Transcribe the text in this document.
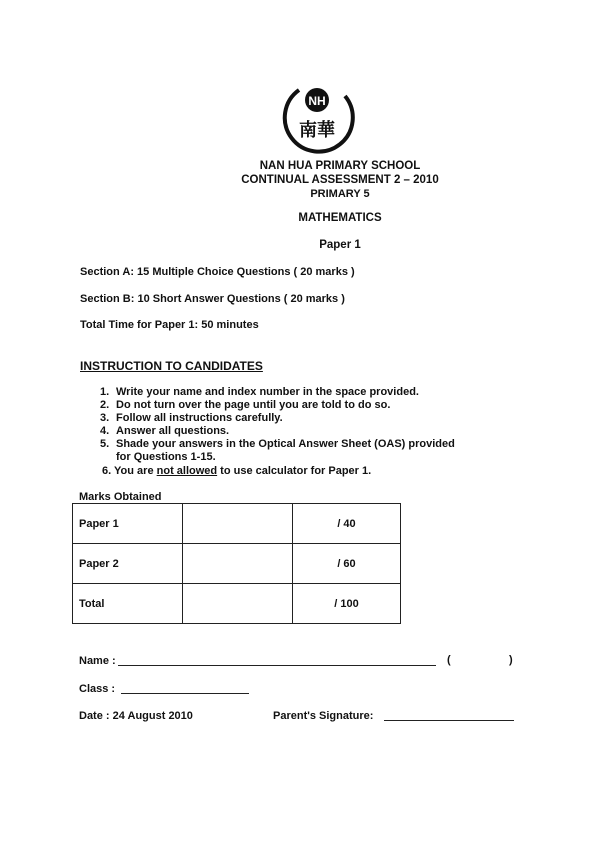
NH
南華
NAN HUA PRIMARY SCHOOL
CONTINUAL ASSESSMENT 2 – 2010
PRIMARY 5
MATHEMATICS
Paper 1
Section A: 15 Multiple Choice Questions ( 20 marks )
Section B: 10 Short Answer Questions ( 20 marks )
Total Time for Paper 1: 50 minutes
INSTRUCTION TO CANDIDATES
1. Write your name and index number in the space provided.
2. Do not turn over the page until you are told to do so.
3. Follow all instructions carefully.
4. Answer all questions.
5. Shade your answers in the Optical Answer Sheet (OAS) provided
for Questions 1-15.
6. You are not allowed to use calculator for Paper 1.
Marks Obtained
Paper 1		/ 40
Paper 2		/ 60
Total		/ 100
Name :	(	)
Class :
Date : 24 August 2010	Parent's Signature:
